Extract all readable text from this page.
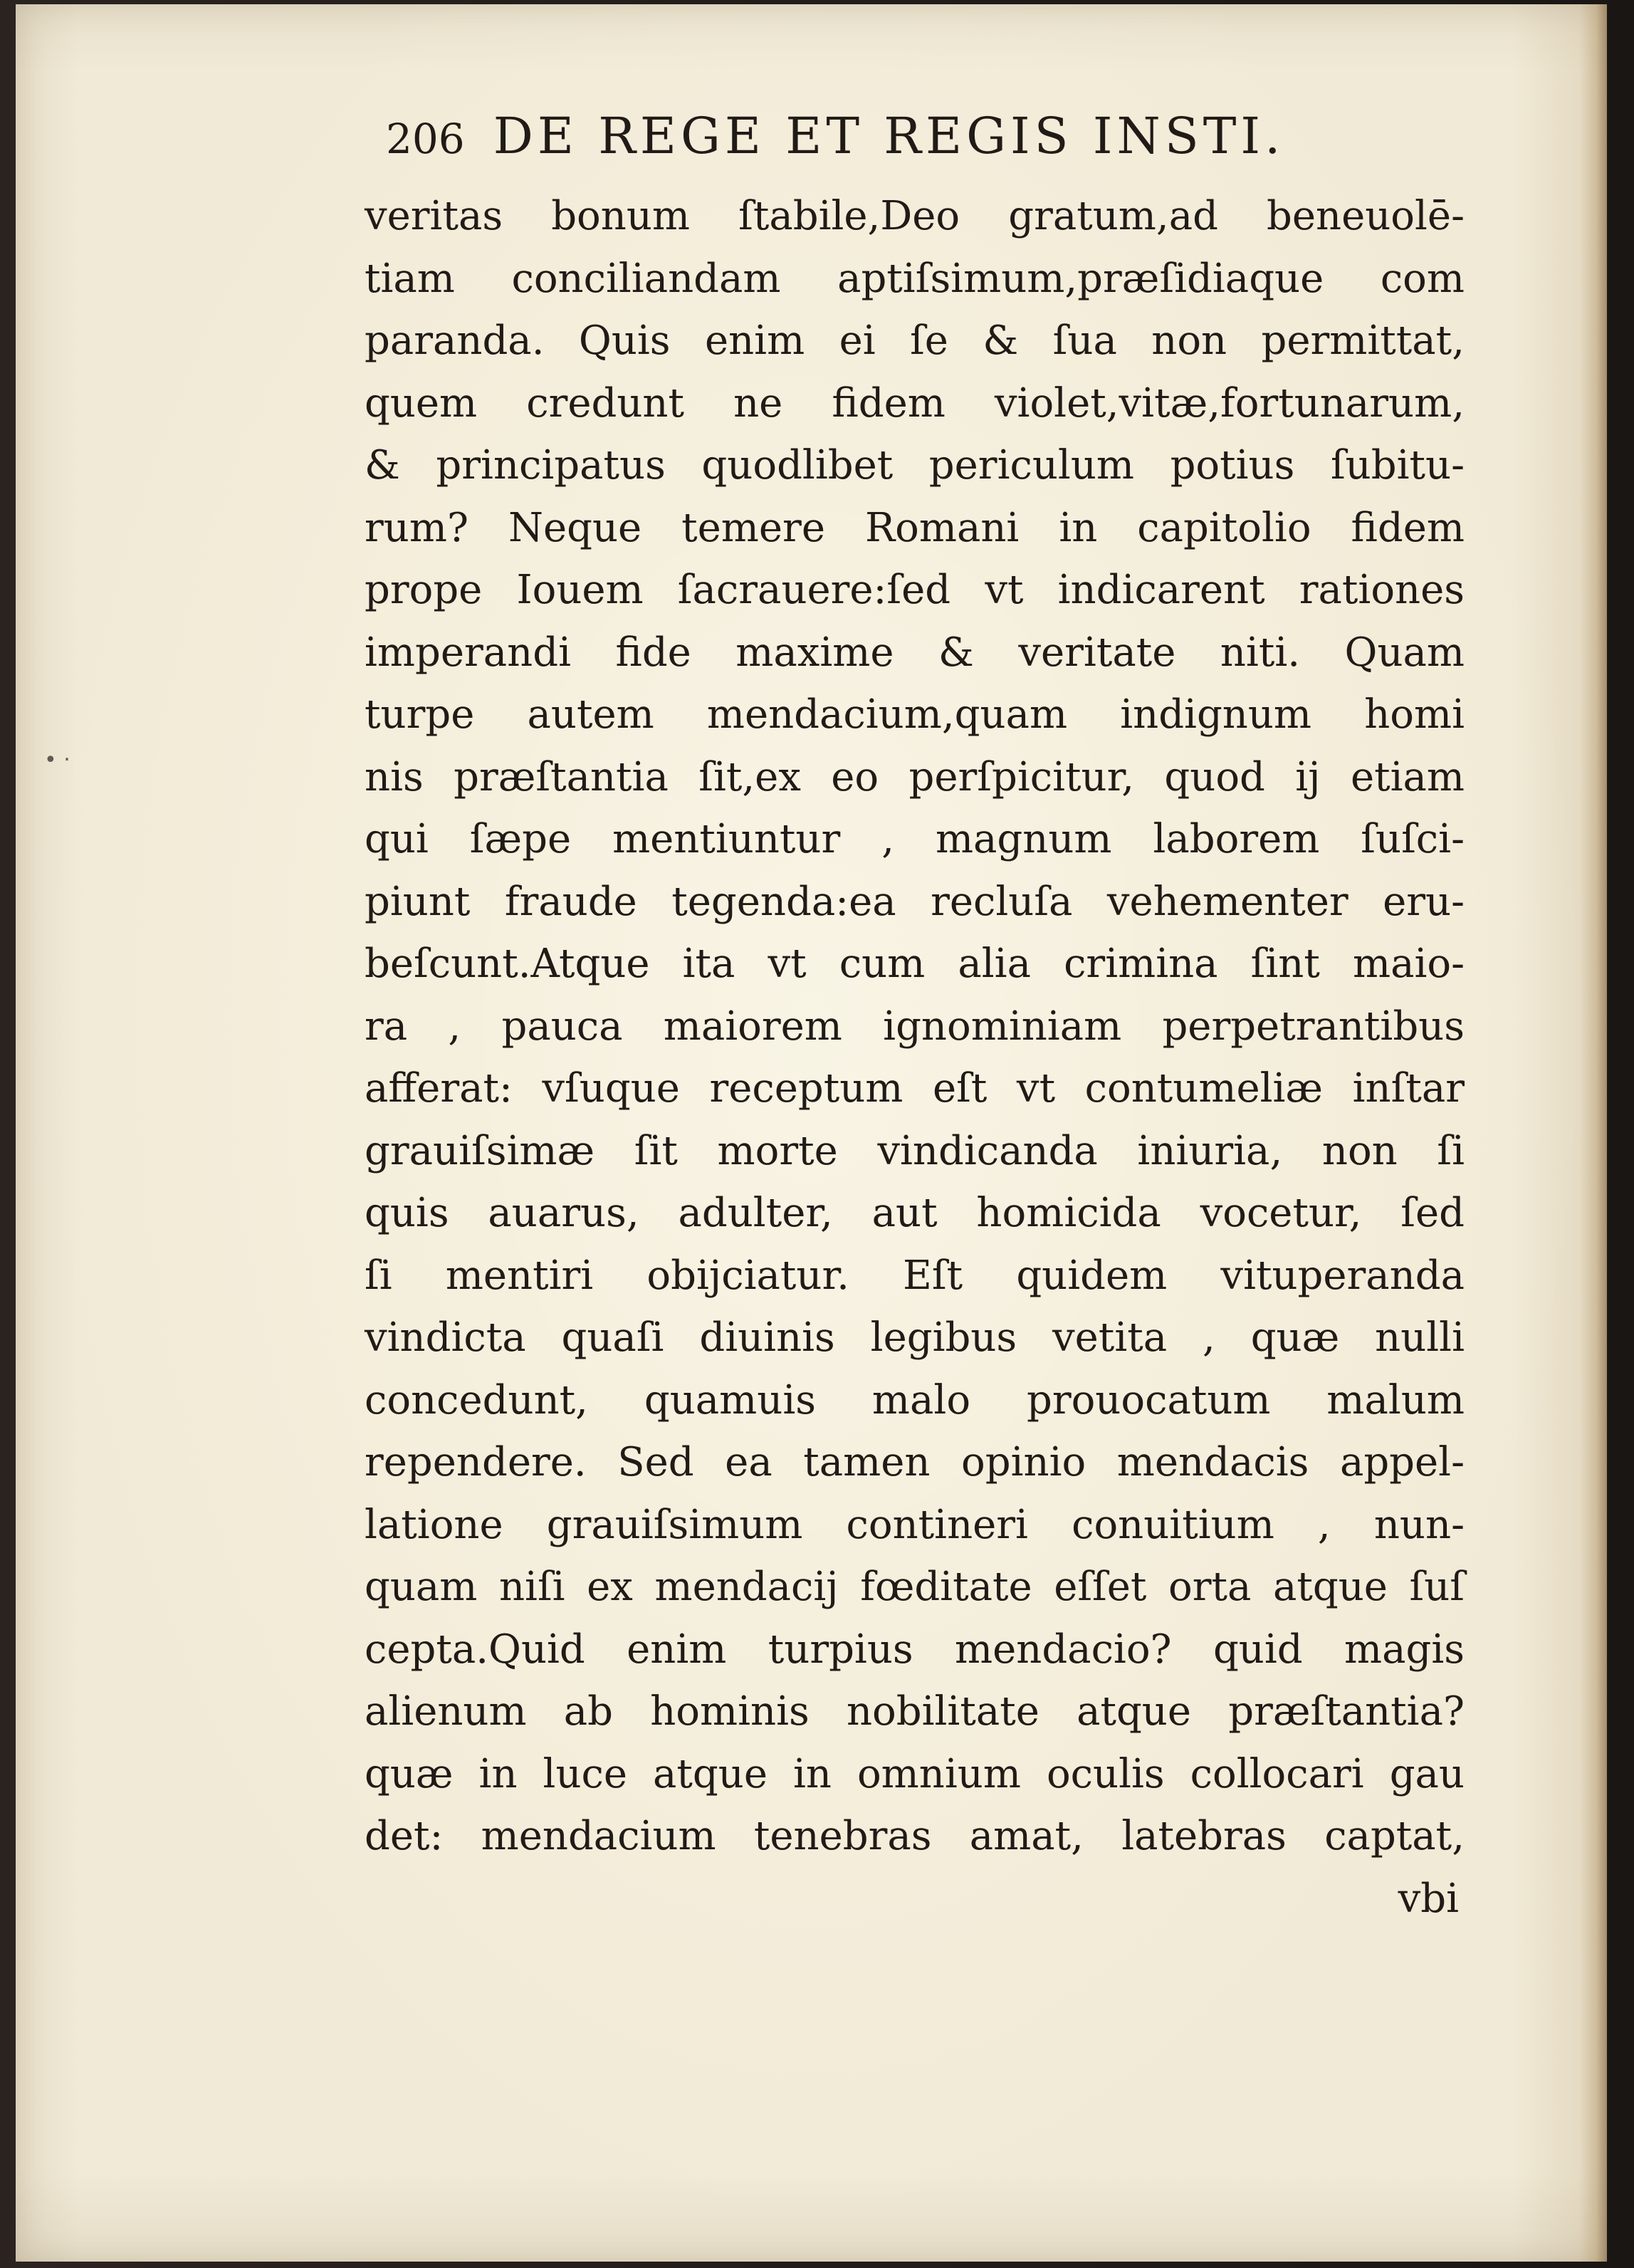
206 DE REGE ET REGIS INSTI.
veritas bonum ſtabile,Deo gratum,ad beneuolē-
tiam conciliandam aptiſsimum,præſidiaque com
paranda. Quis enim ei ſe & ſua non permittat,
quem credunt ne fidem violet,vitæ,fortunarum,
& principatus quodlibet periculum potius ſubitu-
rum? Neque temere Romani in capitolio fidem
prope Iouem ſacrauere:ſed vt indicarent rationes
imperandi fide maxime & veritate niti. Quam
turpe autem mendacium,quam indignum homi
nis præſtantia ſit,ex eo perſpicitur, quod ij etiam
qui ſæpe mentiuntur , magnum laborem ſuſci-
piunt fraude tegenda:ea recluſa vehementer eru-
beſcunt.Atque ita vt cum alia crimina ſint maio-
ra , pauca maiorem ignominiam perpetrantibus
afferat: vſuque receptum eſt vt contumeliæ inſtar
grauiſsimæ ſit morte vindicanda iniuria, non ſi
quis auarus, adulter, aut homicida vocetur, ſed
ſi mentiri obijciatur. Eſt quidem vituperanda
vindicta quaſi diuinis legibus vetita , quæ nulli
concedunt, quamuis malo prouocatum malum
rependere. Sed ea tamen opinio mendacis appel-
latione grauiſsimum contineri conuitium , nun-
quam niſi ex mendacij fœditate eſſet orta atque ſuſ
cepta.Quid enim turpius mendacio? quid magis
alienum ab hominis nobilitate atque præſtantia?
quæ in luce atque in omnium oculis collocari gau
det: mendacium tenebras amat, latebras captat,
vbi
• ‧
